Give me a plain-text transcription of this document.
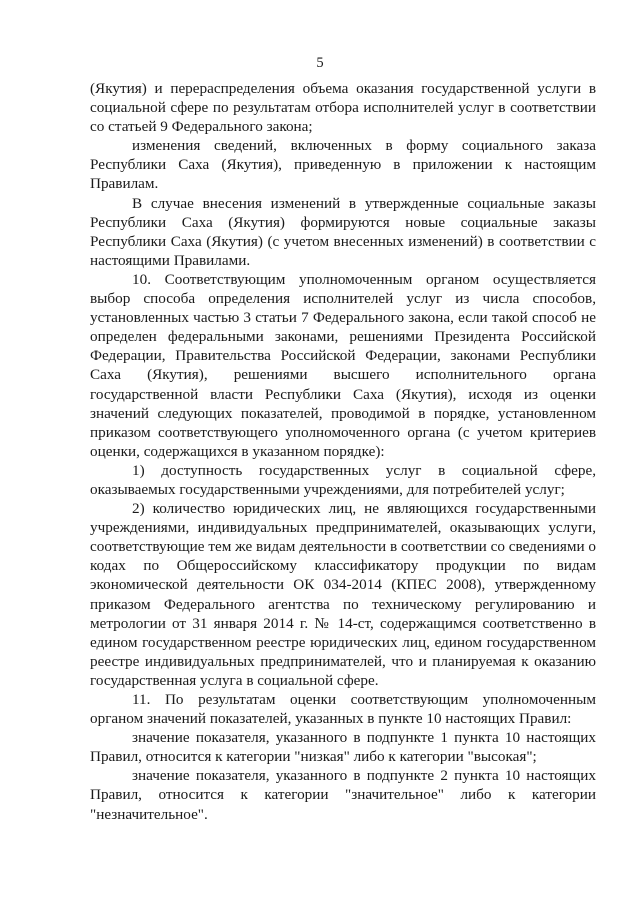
5

(Якутия) и перераспределения объема оказания государственной услуги в социальной сфере по результатам отбора исполнителей услуг в соответствии со статьей 9 Федерального закона;

изменения сведений, включенных в форму социального заказа Республики Саха (Якутия), приведенную в приложении к настоящим Правилам.

В случае внесения изменений в утвержденные социальные заказы Республики Саха (Якутия) формируются новые социальные заказы Республики Саха (Якутия) (с учетом внесенных изменений) в соответствии с настоящими Правилами.

10. Соответствующим уполномоченным органом осуществляется выбор способа определения исполнителей услуг из числа способов, установленных частью 3 статьи 7 Федерального закона, если такой способ не определен федеральными законами, решениями Президента Российской Федерации, Правительства Российской Федерации, законами Республики Саха (Якутия), решениями высшего исполнительного органа государственной власти Республики Саха (Якутия), исходя из оценки значений следующих показателей, проводимой в порядке, установленном приказом соответствующего уполномоченного органа (с учетом критериев оценки, содержащихся в указанном порядке):

1) доступность государственных услуг в социальной сфере, оказываемых государственными учреждениями, для потребителей услуг;

2) количество юридических лиц, не являющихся государственными учреждениями, индивидуальных предпринимателей, оказывающих услуги, соответствующие тем же видам деятельности в соответствии со сведениями о кодах по Общероссийскому классификатору продукции по видам экономической деятельности ОК 034-2014 (КПЕС 2008), утвержденному приказом Федерального агентства по техническому регулированию и метрологии от 31 января 2014 г. № 14-ст, содержащимся соответственно в едином государственном реестре юридических лиц, едином государственном реестре индивидуальных предпринимателей, что и планируемая к оказанию государственная услуга в социальной сфере.

11. По результатам оценки соответствующим уполномоченным органом значений показателей, указанных в пункте 10 настоящих Правил:

значение показателя, указанного в подпункте 1 пункта 10 настоящих Правил, относится к категории "низкая" либо к категории "высокая";

значение показателя, указанного в подпункте 2 пункта 10 настоящих Правил, относится к категории "значительное" либо к категории "незначительное".
